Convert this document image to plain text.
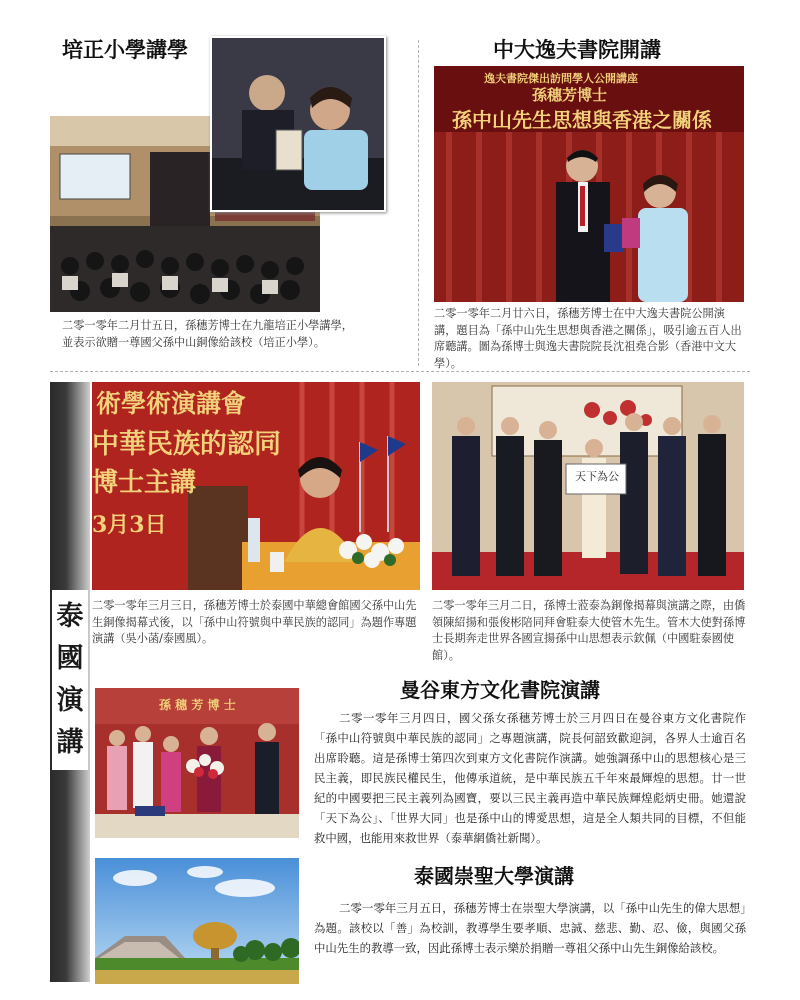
培正小學講學
二零一零年二月廿五日，孫穗芳博士在九龍培正小學講學，並表示欲贈一尊國父孫中山銅像給該校（培正小學）。
中大逸夫書院開講
逸夫書院傑出訪問學人公開講座
孫穗芳博士
孫中山先生思想與香港之關係
二零一零年二月廿六日，孫穗芳博士在中大逸夫書院公開演講，題目為「孫中山先生思想與香港之關係」，吸引逾五百人出席聽講。圖為孫博士與逸夫書院院長沈祖堯合影（香港中文大學）。
泰
國
演
講
術學術演講會
中華民族的認同
博士主講
3月3日
二零一零年三月三日，孫穗芳博士於泰國中華總會館國父孫中山先生銅像揭幕式後，以「孫中山符號與中華民族的認同」為題作專題演講（吳小菡/泰國風）。
天下為公
二零一零年三月二日，孫博士蒞泰為銅像揭幕與演講之際，由僑領陳紹揚和張俊彬陪同拜會駐泰大使管木先生。管木大使對孫博士長期奔走世界各國宣揚孫中山思想表示欽佩（中國駐泰國使館）。
曼谷東方文化書院演講
孫 穗 芳 博 士
二零一零年三月四日，國父孫女孫穗芳博士於三月四日在曼谷東方文化書院作「孫中山符號與中華民族的認同」之專題演講，院長何韶致歡迎詞，各界人士逾百名出席聆聽。這是孫博士第四次到東方文化書院作演講。她強調孫中山的思想核心是三民主義，即民族民權民生，他傳承道統，是中華民族五千年來最輝煌的思想。廿一世紀的中國要把三民主義列為國寶，要以三民主義再造中華民族輝煌彪炳史冊。她還說「天下為公」、「世界大同」也是孫中山的博愛思想，這是全人類共同的目標，不但能救中國，也能用來救世界（泰華網僑社新聞）。
泰國崇聖大學演講
二零一零年三月五日，孫穗芳博士在崇聖大學演講，以「孫中山先生的偉大思想」為題。該校以「善」為校訓，教導學生要孝順、忠誠、慈悲、勤、忍、儉，與國父孫中山先生的教導一致，因此孫博士表示樂於捐贈一尊祖父孫中山先生銅像給該校。
